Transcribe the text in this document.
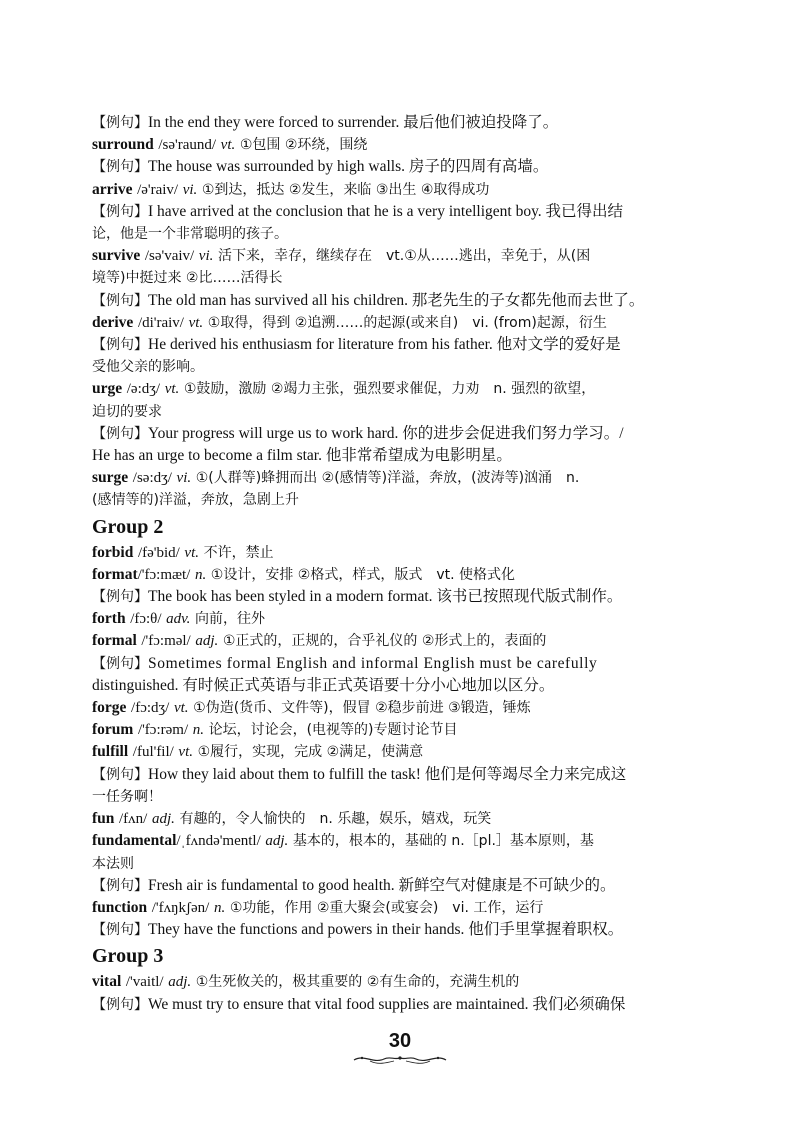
【例句】In the end they were forced to surrender. 最后他们被迫投降了。
surround /sə'raund/ vt. ①包围 ②环绕，围绕
【例句】The house was surrounded by high walls. 房子的四周有高墙。
arrive /ə'raiv/ vi. ①到达，抵达 ②发生，来临 ③出生 ④取得成功
【例句】I have arrived at the conclusion that he is a very intelligent boy. 我已得出结
论，他是一个非常聪明的孩子。
survive /sə'vaiv/ vi. 活下来，幸存，继续存在　vt.①从……逃出，幸免于，从(困
境等)中挺过来 ②比……活得长
【例句】The old man has survived all his children. 那老先生的子女都先他而去世了。
derive /di'raiv/ vt. ①取得，得到 ②追溯……的起源(或来自)　vi. (from)起源，衍生
【例句】He derived his enthusiasm for literature from his father. 他对文学的爱好是
受他父亲的影响。
urge /ə:dʒ/ vt. ①鼓励，激励 ②竭力主张，强烈要求催促，力劝　n. 强烈的欲望，
迫切的要求
【例句】Your progress will urge us to work hard. 你的进步会促进我们努力学习。/
He has an urge to become a film star. 他非常希望成为电影明星。
surge /sə:dʒ/ vi. ①(人群等)蜂拥而出 ②(感情等)洋溢，奔放，(波涛等)汹涌　n.
(感情等的)洋溢，奔放，急剧上升
Group 2
forbid /fə'bid/ vt. 不许，禁止
format/'fɔ:mæt/ n. ①设计，安排 ②格式，样式，版式　vt. 使格式化
【例句】The book has been styled in a modern format. 该书已按照现代版式制作。
forth /fɔ:θ/ adv. 向前，往外
formal /'fɔ:məl/ adj. ①正式的，正规的，合乎礼仪的 ②形式上的，表面的
【例句】Sometimes formal English and informal English must be carefully
distinguished. 有时候正式英语与非正式英语要十分小心地加以区分。
forge /fɔ:dʒ/ vt. ①伪造(货币、文件等)，假冒 ②稳步前进 ③锻造，锤炼
forum /'fɔ:rəm/ n. 论坛，讨论会，(电视等的)专题讨论节目
fulfill /ful'fil/ vt. ①履行，实现，完成 ②满足，使满意
【例句】How they laid about them to fulfill the task! 他们是何等竭尽全力来完成这
一任务啊！
fun /fʌn/ adj. 有趣的，令人愉快的　n. 乐趣，娱乐，嬉戏，玩笑
fundamental/ˌfʌndə'mentl/ adj. 基本的，根本的，基础的 n.［pl.］基本原则，基
本法则
【例句】Fresh air is fundamental to good health. 新鲜空气对健康是不可缺少的。
function /'fʌŋkʃən/ n. ①功能，作用 ②重大聚会(或宴会)　vi. 工作，运行
【例句】They have the functions and powers in their hands. 他们手里掌握着职权。
Group 3
vital /'vaitl/ adj. ①生死攸关的，极其重要的 ②有生命的，充满生机的
【例句】We must try to ensure that vital food supplies are maintained. 我们必须确保
30
